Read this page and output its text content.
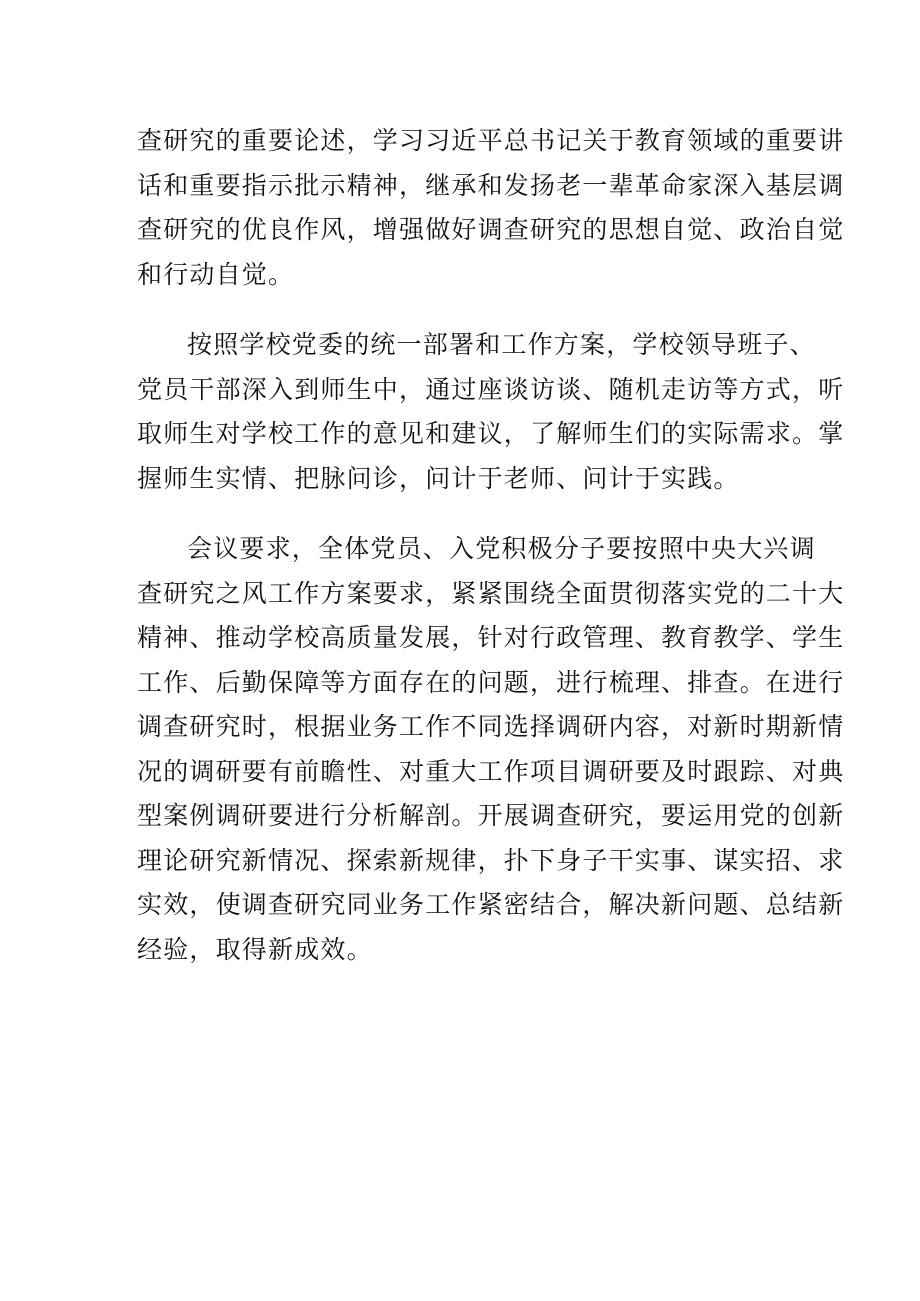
查研究的重要论述，学习习近平总书记关于教育领域的重要讲
话和重要指示批示精神，继承和发扬老一辈革命家深入基层调
查研究的优良作风，增强做好调查研究的思想自觉、政治自觉
和行动自觉。
按照学校党委的统一部署和工作方案，学校领导班子、
党员干部深入到师生中，通过座谈访谈、随机走访等方式，听
取师生对学校工作的意见和建议，了解师生们的实际需求。掌
握师生实情、把脉问诊，问计于老师、问计于实践。
会议要求，全体党员、入党积极分子要按照中央大兴调
查研究之风工作方案要求，紧紧围绕全面贯彻落实党的二十大
精神、推动学校高质量发展，针对行政管理、教育教学、学生
工作、后勤保障等方面存在的问题，进行梳理、排查。在进行
调查研究时，根据业务工作不同选择调研内容，对新时期新情
况的调研要有前瞻性、对重大工作项目调研要及时跟踪、对典
型案例调研要进行分析解剖。开展调查研究，要运用党的创新
理论研究新情况、探索新规律，扑下身子干实事、谋实招、求
实效，使调查研究同业务工作紧密结合，解决新问题、总结新
经验，取得新成效。
